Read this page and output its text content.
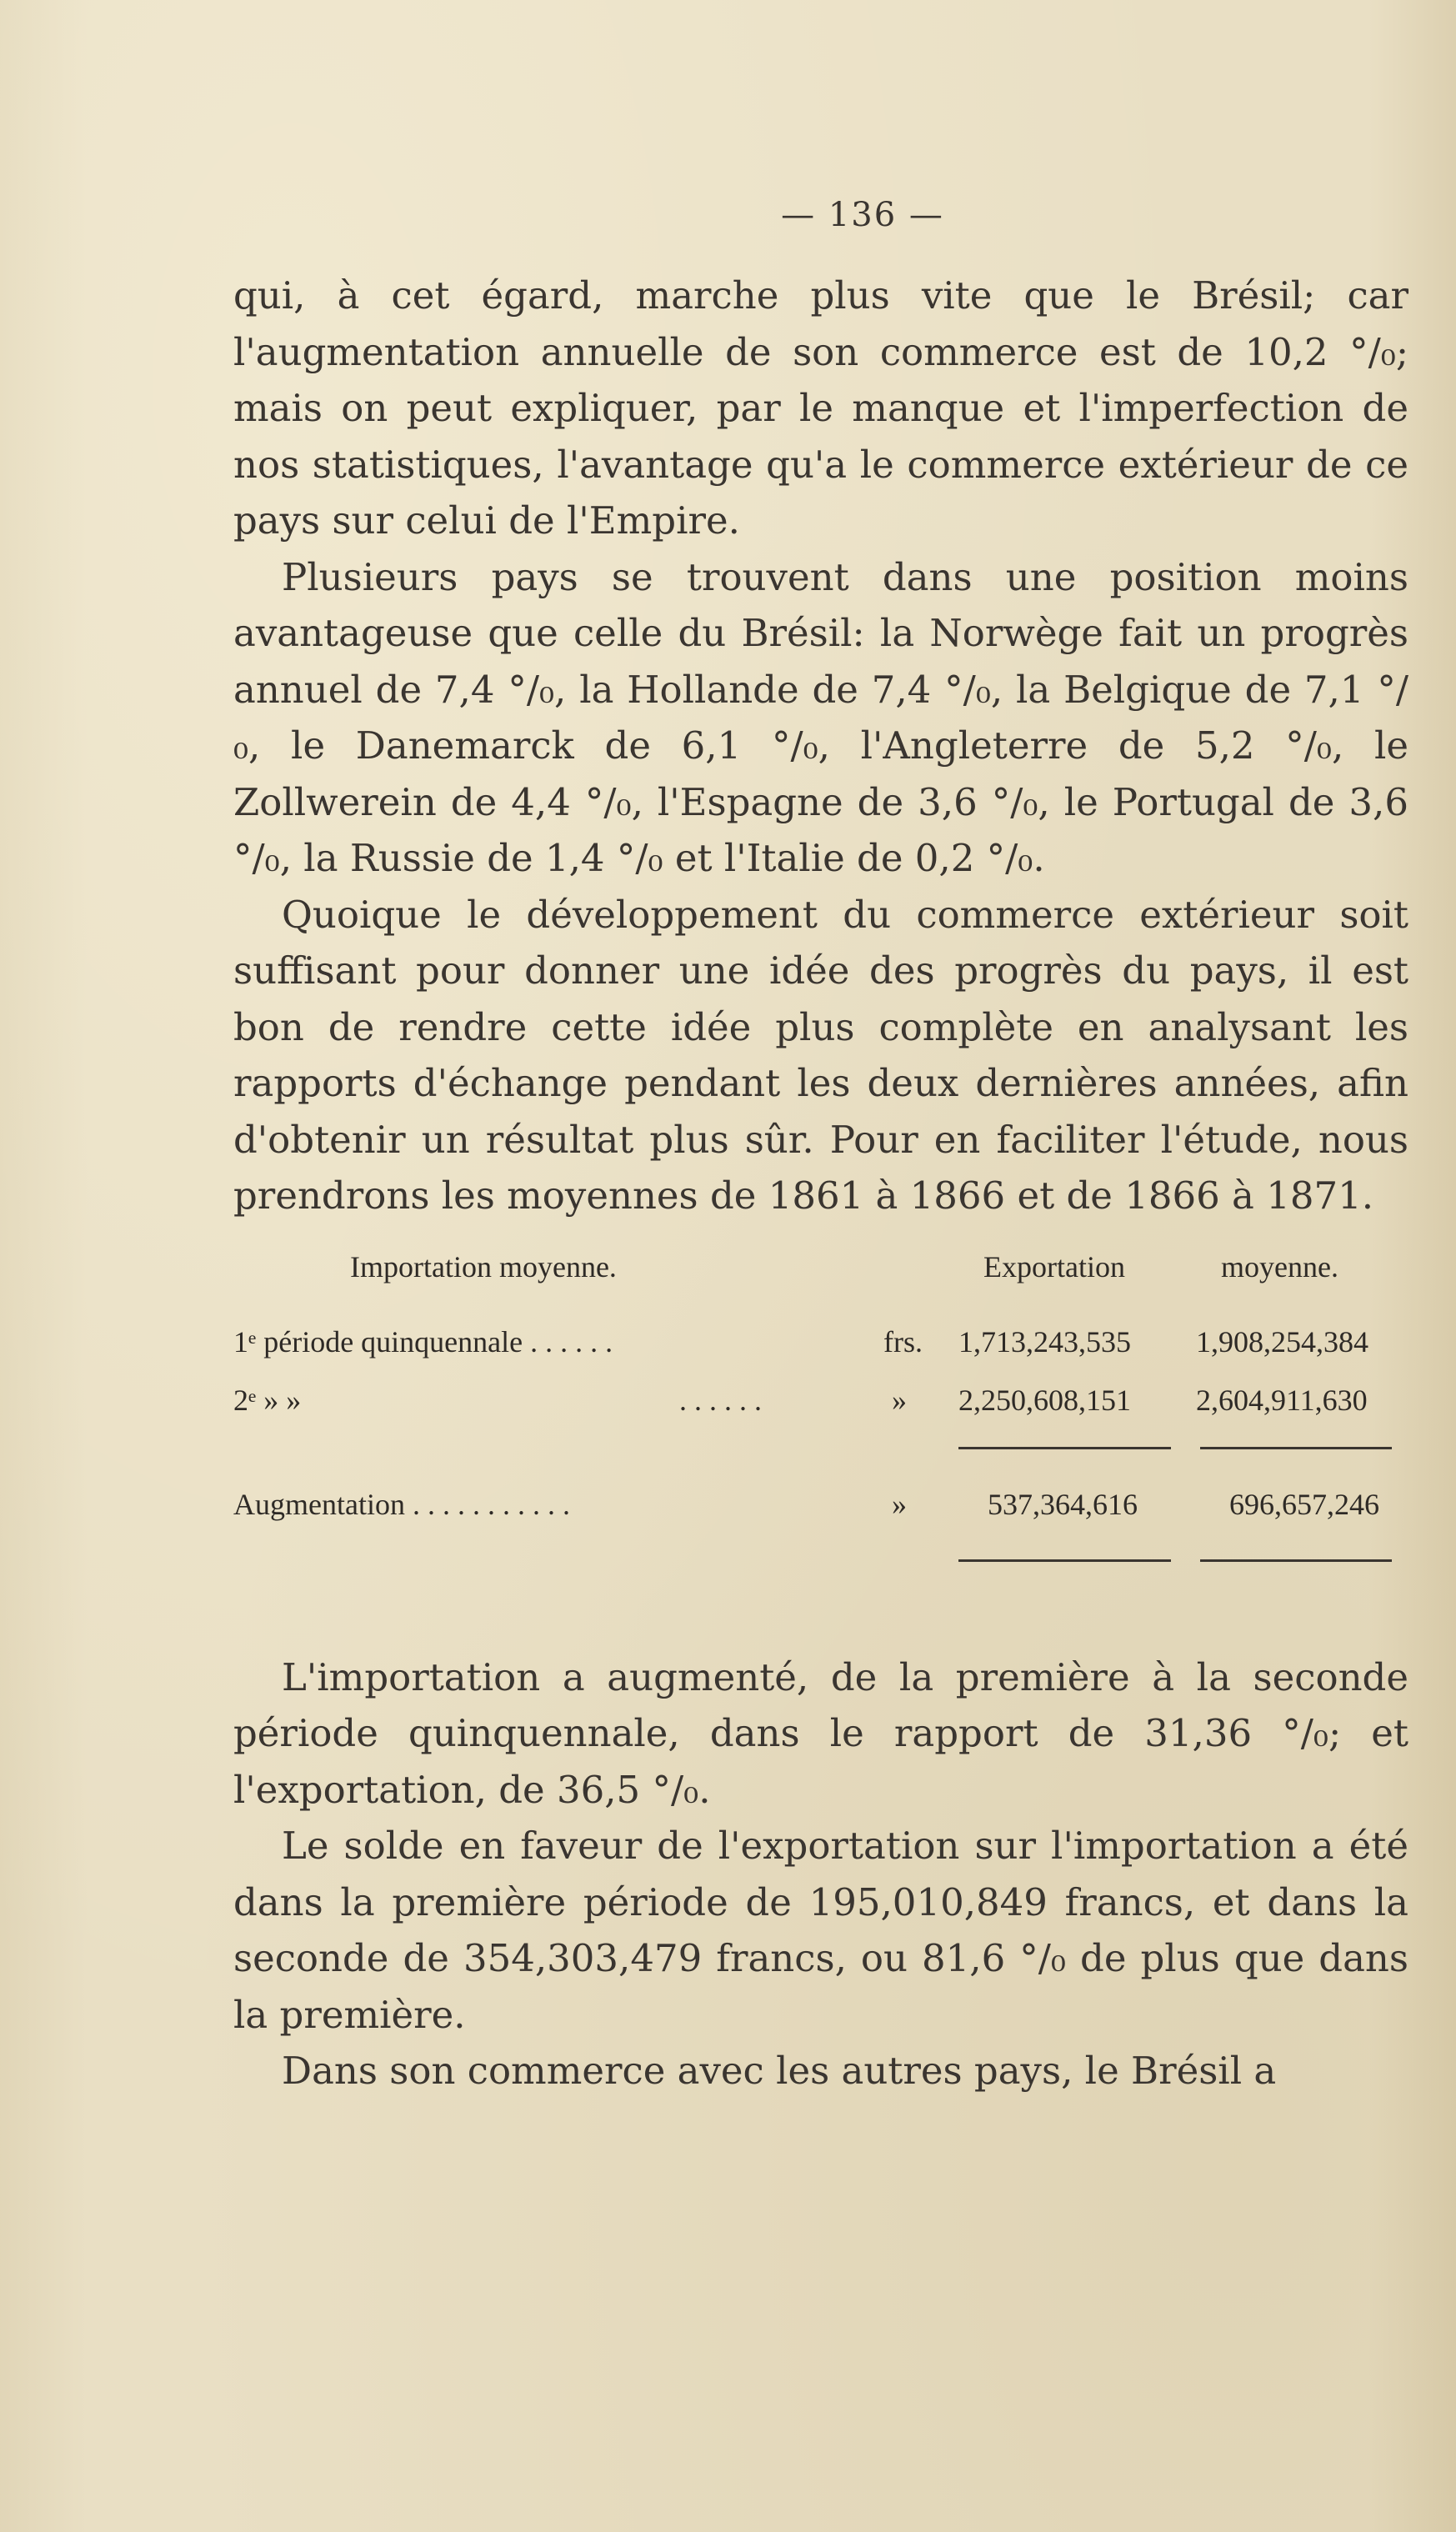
— 136 —

qui, à cet égard, marche plus vite que le Brésil; car l'augmentation annuelle de son commerce est de 10,2 °/₀; mais on peut expliquer, par le manque et l'imperfection de nos statistiques, l'avantage qu'a le commerce extérieur de ce pays sur celui de l'Empire.

Plusieurs pays se trouvent dans une position moins avantageuse que celle du Brésil: la Norwège fait un progrès annuel de 7,4 °/₀, la Hollande de 7,4 °/₀, la Belgique de 7,1 °/₀, le Danemarck de 6,1 °/₀, l'Angleterre de 5,2 °/₀, le Zollwerein de 4,4 °/₀, l'Espagne de 3,6 °/₀, le Portugal de 3,6 °/₀, la Russie de 1,4 °/₀ et l'Italie de 0,2 °/₀.

Quoique le développement du commerce extérieur soit suffisant pour donner une idée des progrès du pays, il est bon de rendre cette idée plus complète en analysant les rapports d'échange pendant les deux dernières années, afin d'obtenir un résultat plus sûr. Pour en faciliter l'étude, nous prendrons les moyennes de 1861 à 1866 et de 1866 à 1871.

Importation moyenne.	Exportation	moyenne.
1ᵉ période quinquennale . . . . . .	frs. 1,713,243,535 1,908,254,384
2ᵉ » »	. . . . . .	» 2,250,608,151 2,604,911,630
Augmentation . . . . . . . . . . .	»	537,364,616	696,657,246

L'importation a augmenté, de la première à la seconde période quinquennale, dans le rapport de 31,36 °/₀; et l'exportation, de 36,5 °/₀.

Le solde en faveur de l'exportation sur l'importation a été dans la première période de 195,010,849 francs, et dans la seconde de 354,303,479 francs, ou 81,6 °/₀ de plus que dans la première.

Dans son commerce avec les autres pays, le Brésil a
